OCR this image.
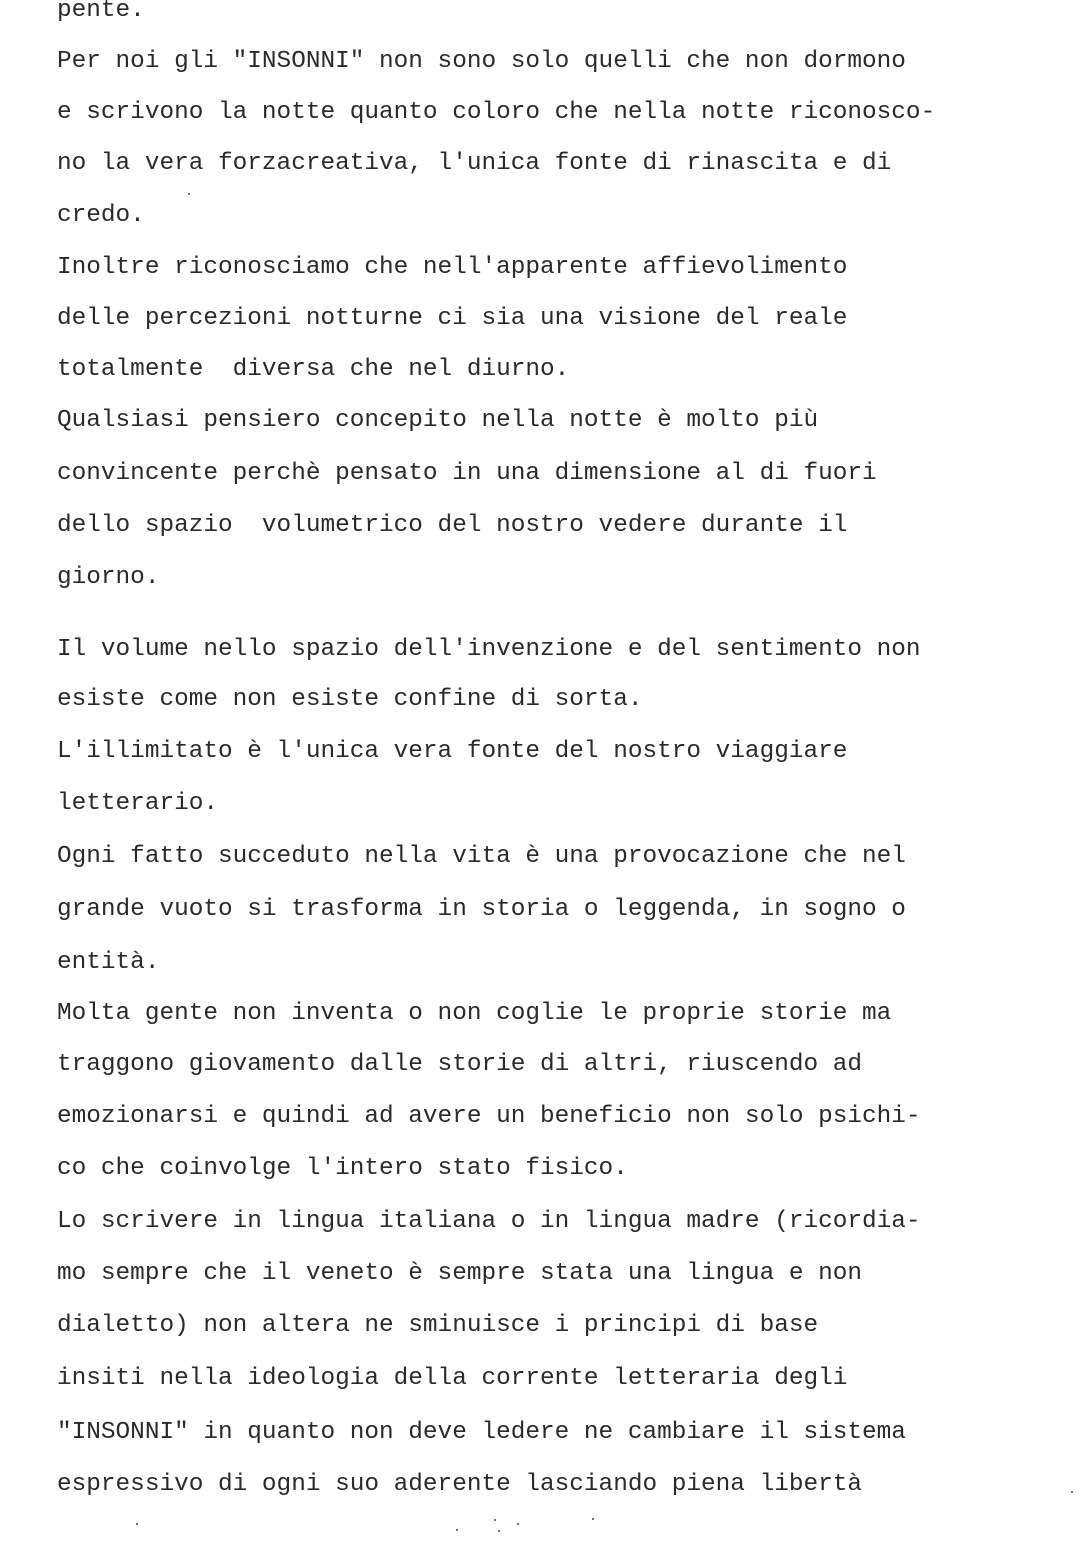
pente.

Per noi gli "INSONNI" non sono solo quelli che non dormono

e scrivono la notte quanto coloro che nella notte riconosco-

no la vera forzacreativa, l'unica fonte di rinascita e di

credo.

Inoltre riconosciamo che nell'apparente affievolimento

delle percezioni notturne ci sia una visione del reale

totalmente  diversa che nel diurno.

Qualsiasi pensiero concepito nella notte è molto più

convincente perchè pensato in una dimensione al di fuori

dello spazio  volumetrico del nostro vedere durante il

giorno.

Il volume nello spazio dell'invenzione e del sentimento non

esiste come non esiste confine di sorta.

L'illimitato è l'unica vera fonte del nostro viaggiare

letterario.

Ogni fatto succeduto nella vita è una provocazione che nel

grande vuoto si trasforma in storia o leggenda, in sogno o

entità.

Molta gente non inventa o non coglie le proprie storie ma

traggono giovamento dalle storie di altri, riuscendo ad

emozionarsi e quindi ad avere un beneficio non solo psichi-

co che coinvolge l'intero stato fisico.

Lo scrivere in lingua italiana o in lingua madre (ricordia-

mo sempre che il veneto è sempre stata una lingua e non

dialetto) non altera ne sminuisce i principi di base

insiti nella ideologia della corrente letteraria degli

"INSONNI" in quanto non deve ledere ne cambiare il sistema

espressivo di ogni suo aderente lasciando piena libertà
